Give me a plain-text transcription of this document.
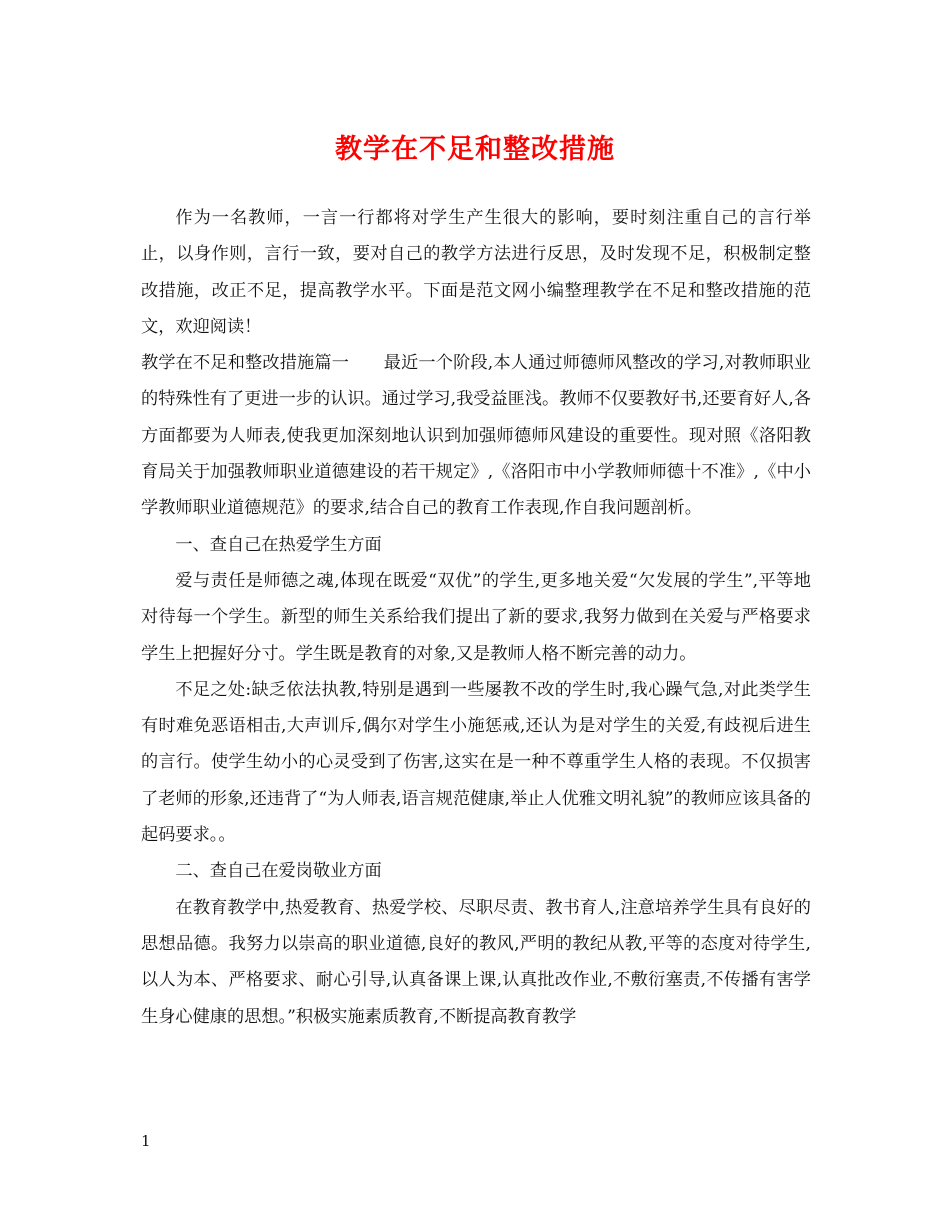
教学在不足和整改措施

作为一名教师，一言一行都将对学生产生很大的影响，要时刻注重自己的言行举止，以身作则，言行一致，要对自己的教学方法进行反思，及时发现不足，积极制定整改措施，改正不足，提高教学水平。下面是范文网小编整理教学在不足和整改措施的范文，欢迎阅读！

教学在不足和整改措施篇一　　最近一个阶段,本人通过师德师风整改的学习,对教师职业的特殊性有了更进一步的认识。通过学习,我受益匪浅。教师不仅要教好书,还要育好人,各方面都要为人师表,使我更加深刻地认识到加强师德师风建设的重要性。现对照《洛阳教育局关于加强教师职业道德建设的若干规定》,《洛阳市中小学教师师德十不准》,《中小学教师职业道德规范》的要求,结合自己的教育工作表现,作自我问题剖析。

一、查自己在热爱学生方面

爱与责任是师德之魂,体现在既爱“双优”的学生,更多地关爱“欠发展的学生”,平等地对待每一个学生。新型的师生关系给我们提出了新的要求,我努力做到在关爱与严格要求学生上把握好分寸。学生既是教育的对象,又是教师人格不断完善的动力。

不足之处:缺乏依法执教,特别是遇到一些屡教不改的学生时,我心躁气急,对此类学生有时难免恶语相击,大声训斥,偶尔对学生小施惩戒,还认为是对学生的关爱,有歧视后进生的言行。使学生幼小的心灵受到了伤害,这实在是一种不尊重学生人格的表现。不仅损害了老师的形象,还违背了“为人师表,语言规范健康,举止人优雅文明礼貌”的教师应该具备的起码要求。。

二、查自己在爱岗敬业方面

在教育教学中,热爱教育、热爱学校、尽职尽责、教书育人,注意培养学生具有良好的思想品德。我努力以崇高的职业道德,良好的教风,严明的教纪从教,平等的态度对待学生,以人为本、严格要求、耐心引导,认真备课上课,认真批改作业,不敷衍塞责,不传播有害学生身心健康的思想。”积极实施素质教育,不断提高教育教学

1
